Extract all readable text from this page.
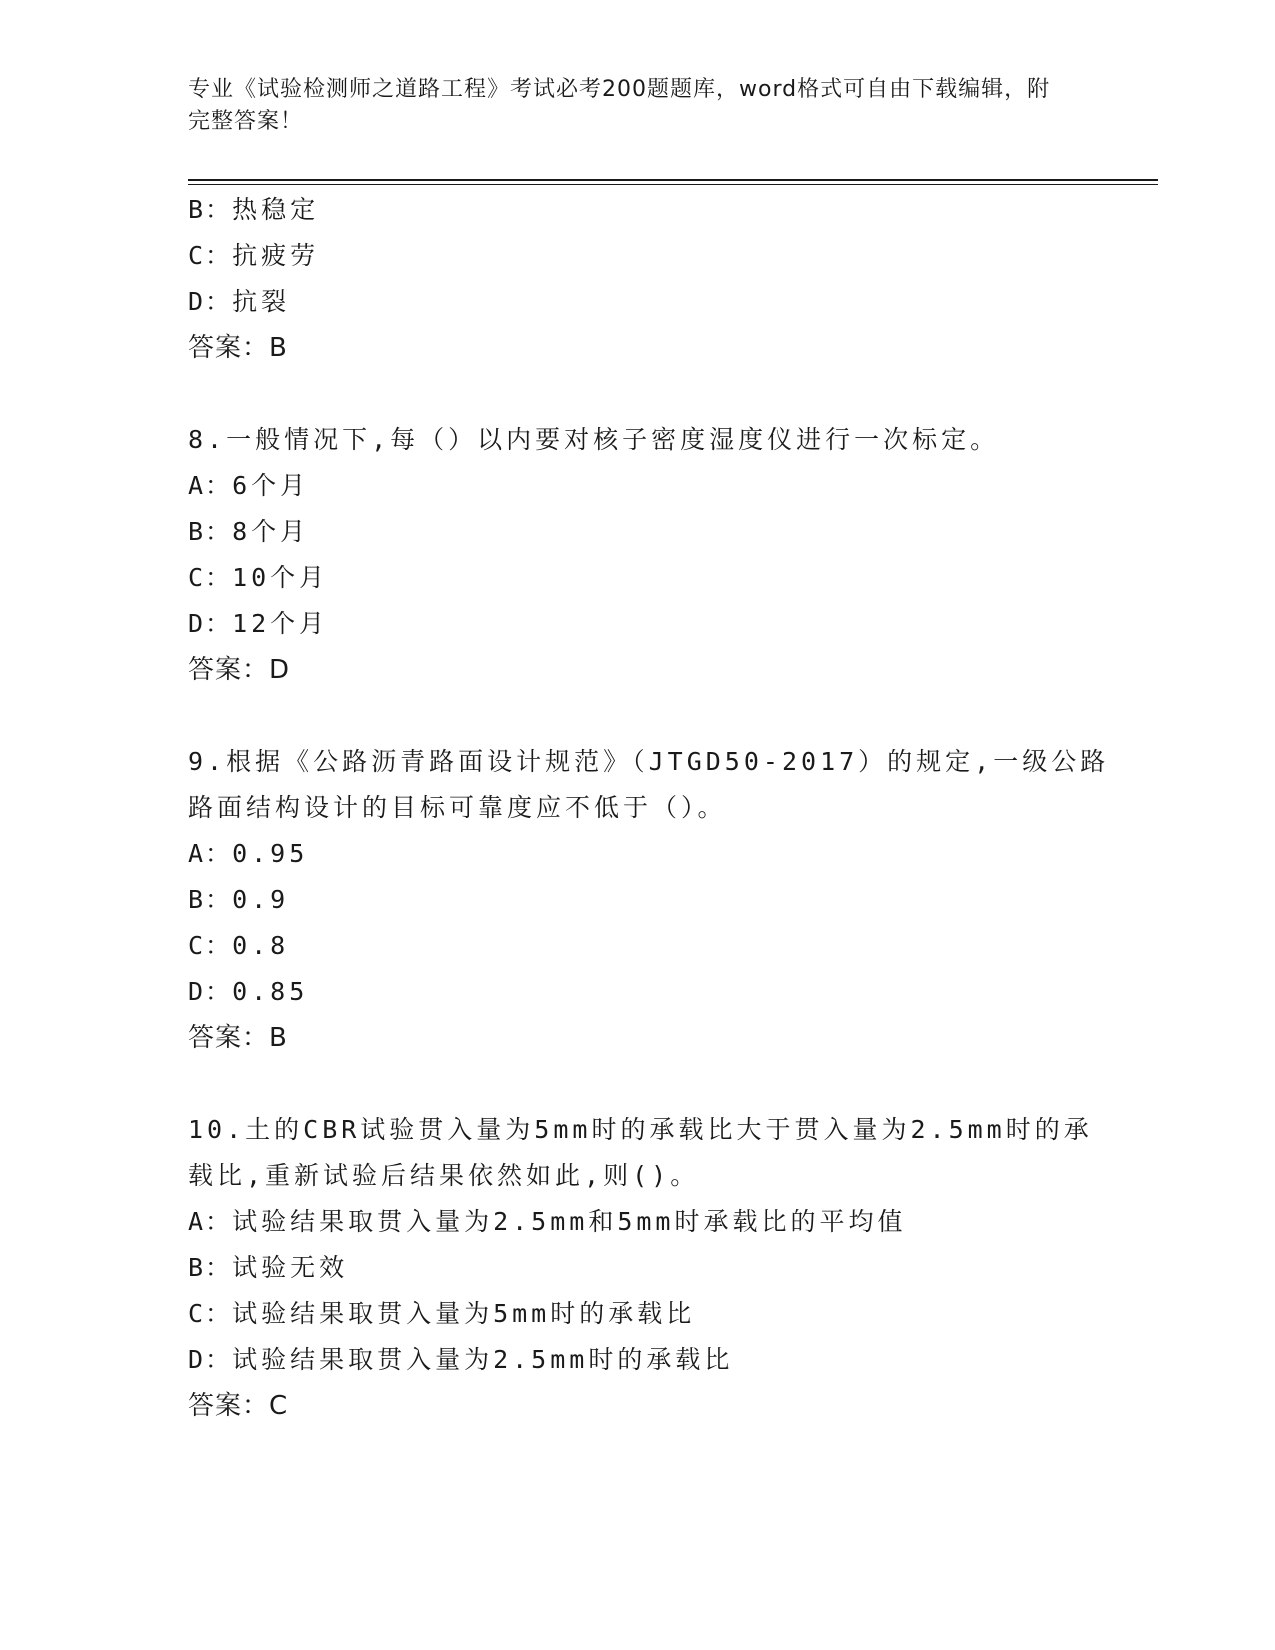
专业《试验检测师之道路工程》考试必考200题题库，word格式可自由下载编辑，附完整答案！
B：热稳定
C：抗疲劳
D：抗裂
答案：B
8.一般情况下,每（）以内要对核子密度湿度仪进行一次标定。
A：6个月
B：8个月
C：10个月
D：12个月
答案：D
9.根据《公路沥青路面设计规范》（JTGD50-2017）的规定,一级公路
路面结构设计的目标可靠度应不低于（）。
A：0.95
B：0.9
C：0.8
D：0.85
答案：B
10.土的CBR试验贯入量为5mm时的承载比大于贯入量为2.5mm时的承
载比,重新试验后结果依然如此,则()。
A：试验结果取贯入量为2.5mm和5mm时承载比的平均值
B：试验无效
C：试验结果取贯入量为5mm时的承载比
D：试验结果取贯入量为2.5mm时的承载比
答案：C
